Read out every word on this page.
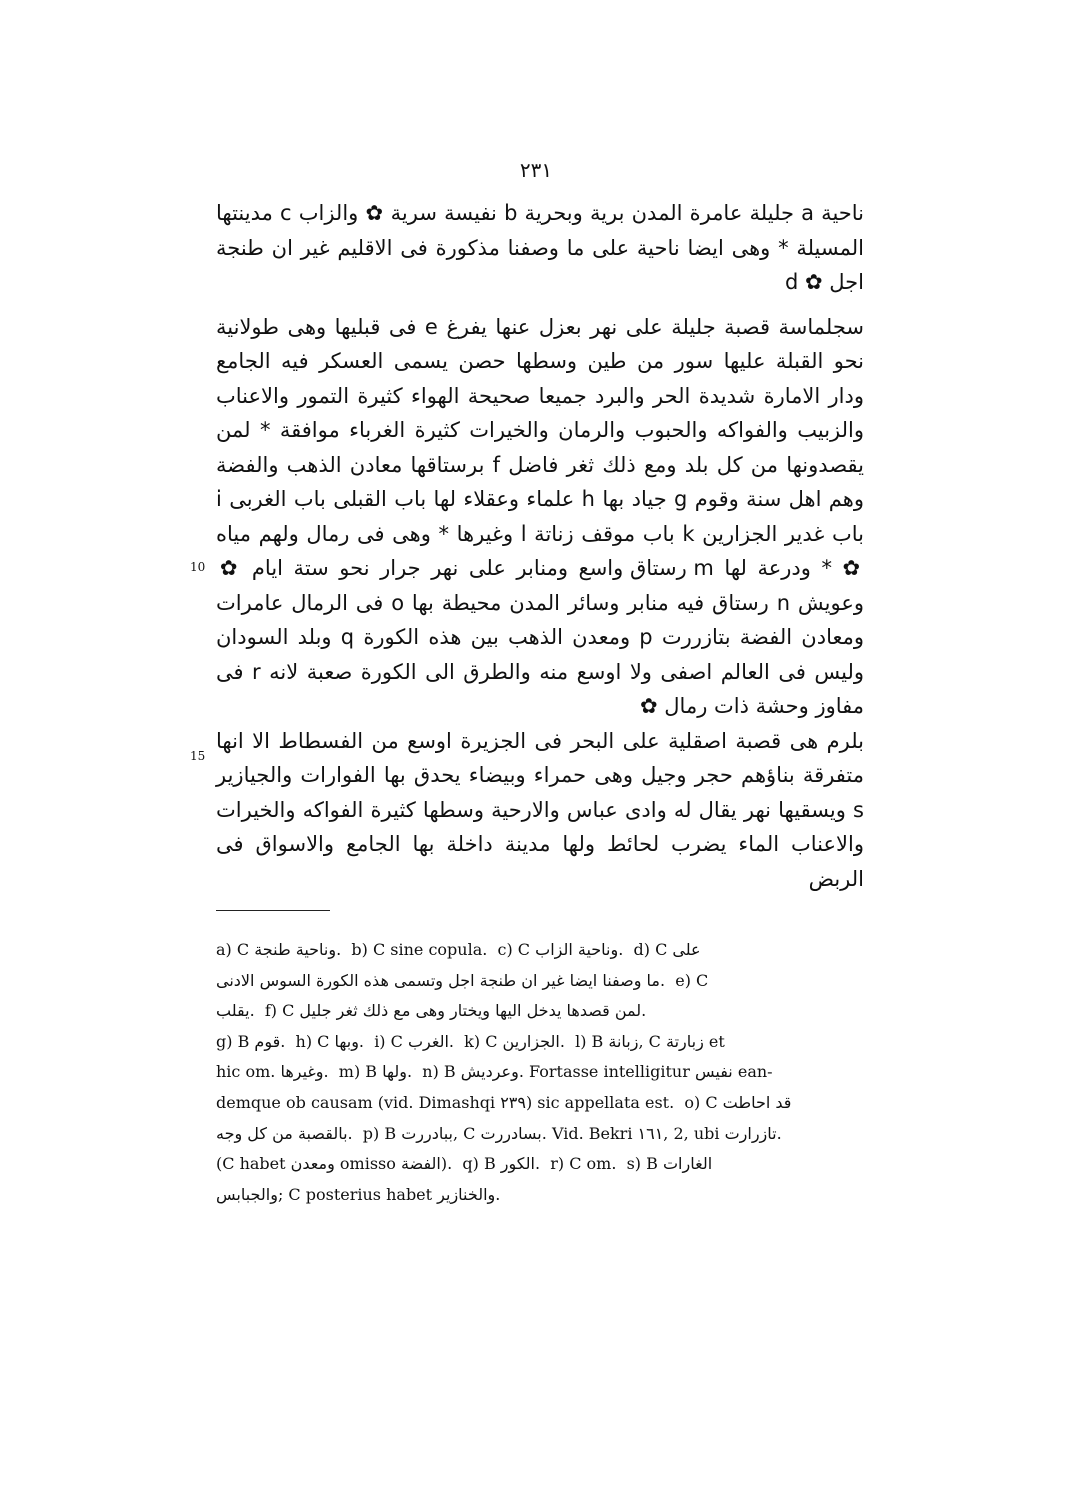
٢٣١
10
15

ناحية a جليلة عامرة المدن برية وبحرية b نفيسة سرية ✿ والزاب c مدينتها المسيلة * وهى ايضا ناحية على ما وصفنا مذكورة فى الاقليم غير ان طنجة اجل ✿ d

سجلماسة قصبة جليلة على نهر بعزل عنها يفرغ e فى قبليها وهى طولانية نحو القبلة عليها سور من طين وسطها حصن يسمى العسكر فيه الجامع ودار الامارة شديدة الحر والبرد جميعا صحيحة الهواء كثيرة التمور والاعناب والزبيب والفواكه والحبوب والرمان والخيرات كثيرة الغرباء موافقة * لمن يقصدونها من كل بلد ومع ذلك ثغر فاضل f برستاقها معادن الذهب والفضة وهم اهل سنة وقوم g جياد بها h علماء وعقلاء لها باب القبلى باب الغربى i باب غدير الجزارين k باب موقف زناتة l وغيرها * وهى فى رمال ولهم مياه ✿ * ودرعة لها m رستاق واسع ومنابر على نهر جرار نحو ستة ايام ✿ وعويش n رستاق فيه منابر وسائر المدن محيطة بها o فى الرمال عامرات ومعادن الفضة بتازررت p ومعدن الذهب بين هذه الكورة q وبلد السودان وليس فى العالم اصفى ولا اوسع منه والطرق الى الكورة صعبة لانه r فى مفاوز وحشة ذات رمال ✿

بلرم هى قصبة اصقلية على البحر فى الجزيرة اوسع من الفسطاط الا انها متفرقة بناؤهم حجر وجيل وهى حمراء وبيضاء يحدق بها الفوارات والجيازير s ويسقيها نهر يقال له وادى عباس والارحية وسطها كثيرة الفواكه والخيرات والاعناب الماء يضرب لحائط ولها مدينة داخلة بها الجامع والاسواق فى الربض

a) C وناحية طنجة.  b) C sine copula. c) C وناحية الزاب.  d) C على

ما وصفنا ايضا غير ان طنجة اجل وتسمى هذه الكورة السوس الادنى.  e) C

يقلب.  f) C لمن قصدها يدخل اليها ويختار وهى مع ذلك ثغر جليل.

g) B قوم.  h) C وبها.  i) C الغرب.  k) C الجزارين.  l) B زبانة, C زبارتة et

hic om. وغيرها.  m) B ولها.  n) B وعرديش. Fortasse intelligitur نفيس ean-

demque ob causam (vid. Dimashqi ٢٣٩) sic appellata est. o) C قد احاطت

بالقصبة من كل وجه.  p) B ببادررت, C بسادررت. Vid. Bekri ١٦١, 2, ubi تازرارت.

(C habet ومعدن omisso الفضة). q) B الكور.  r) C om. s) B الغارات

والجبابس; C posterius habet والخنازير.
